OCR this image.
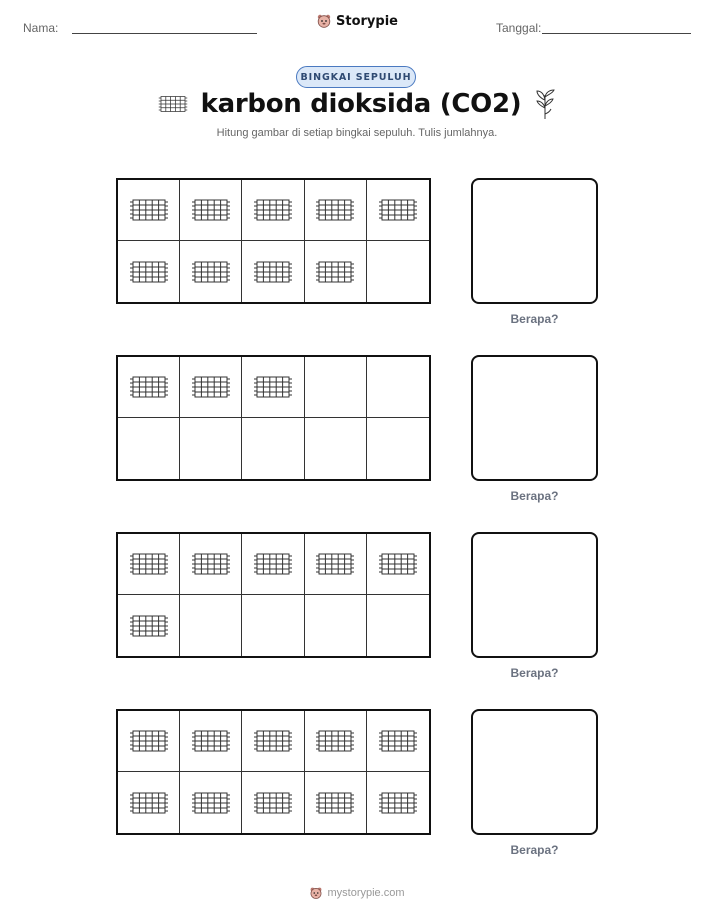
Nama:	Storypie	Tanggal:
BINGKAI SEPULUH
karbon dioksida (CO2)
Hitung gambar di setiap bingkai sepuluh. Tulis jumlahnya.
Berapa?
Berapa?
Berapa?
Berapa?
mystorypie.com
